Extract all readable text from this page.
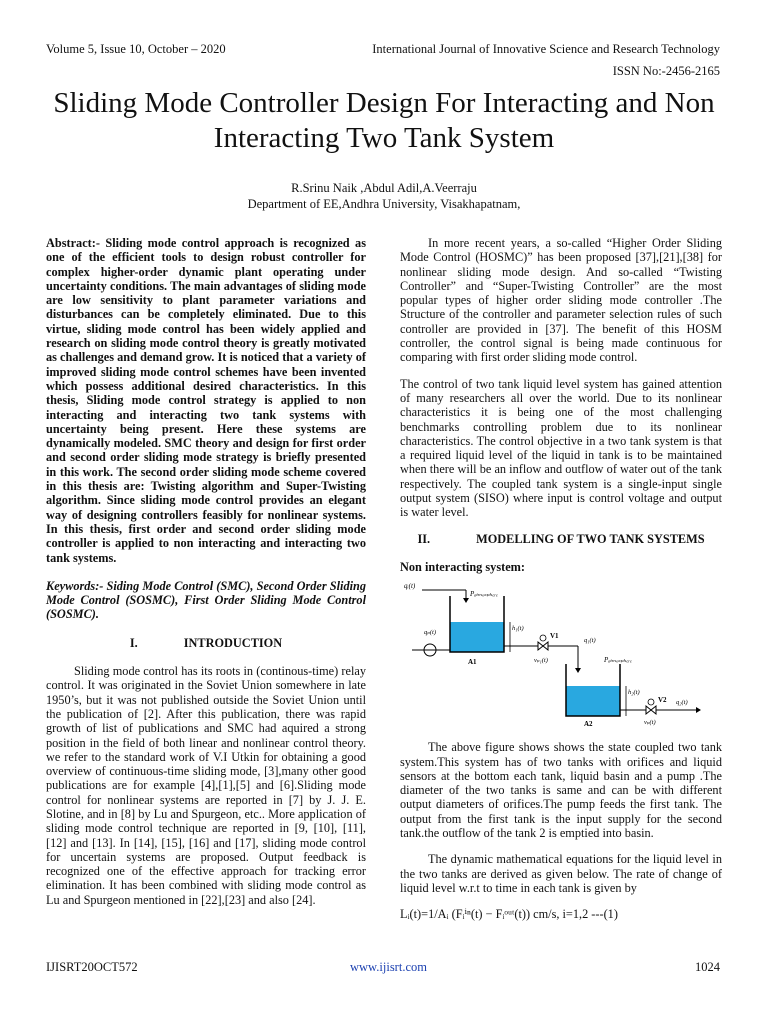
Volume 5, Issue 10, October – 2020	International Journal of Innovative Science and Research Technology
ISSN No:-2456-2165
Sliding Mode Controller Design For Interacting and Non Interacting Two Tank System
R.Srinu Naik ,Abdul Adil,A.Veerraju
Department of EE,Andhra University, Visakhapatnam,

Abstract:- Sliding mode control approach is recognized as one of the efficient tools to design robust controller for complex higher-order dynamic plant operating under uncertainty conditions. The main advantages of sliding mode are low sensitivity to plant parameter variations and disturbances can be completely eliminated. Due to this virtue, sliding mode control has been widely applied and research on sliding mode control theory is greatly motivated as challenges and demand grow. It is noticed that a variety of improved sliding mode control schemes have been invented which possess additional desired characteristics. In this thesis, Sliding mode control strategy is applied to non interacting and interacting two tank systems with uncertainty being present. Here these systems are dynamically modeled. SMC theory and design for first order and second order sliding mode strategy is briefly presented in this work. The second order sliding mode scheme covered in this thesis are: Twisting algorithm and Super-Twisting algorithm. Since sliding mode control provides an elegant way of designing controllers feasibly for nonlinear systems. In this thesis, first order and second order sliding mode controller is applied to non interacting and interacting two tank systems.

Keywords:- Siding Mode Control (SMC), Second Order Sliding Mode Control (SOSMC), First Order Sliding Mode Control (SOSMC).

I.	INTRODUCTION

Sliding mode control has its roots in (continous-time) relay control. It was originated in the Soviet Union somewhere in late 1950’s, but it was not published outside the Soviet Union until the publication of [2]. After this publication, there was rapid growth of list of publications and SMC had aquired a strong position in the field of both linear and nonlinear control theory. we refer to the standard work of V.I Utkin for obtaining a good overview of continuous-time sliding mode, [3],many other good publications are for example [4],[1],[5] and [6].Sliding mode control for nonlinear systems are reported in [7] by J. J. E. Slotine, and in [8] by Lu and Spurgeon, etc.. More application of sliding mode control technique are reported in [9, [10], [11], [12] and [13]. In [14], [15], [16] and [17], sliding mode control for uncertain systems are proposed. Output feedback is recognized one of the effective approach for tracking error elimination. It has been combined with sliding mode control as Lu and Spurgeon mentioned in [22],[23] and also [24].

In more recent years, a so-called “Higher Order Sliding Mode Control (HOSMC)” has been proposed [37],[21],[38] for nonlinear sliding mode design. And so-called “Twisting Controller” and “Super-Twisting Controller” are the most popular types of higher order sliding mode controller .The Structure of the controller and parameter selection rules of such controller are provided in [37]. The benefit of this HOSM controller, the control signal is being made continuous for comparing with first order sliding mode control.

The control of two tank liquid level system has gained attention of many researchers all over the world. Due to its nonlinear characteristics it is being one of the most challenging benchmarks controlling problem due to its nonlinear characteristics. The control objective in a two tank system is that a required liquid level of the liquid in tank is to be maintained when there will be an inflow and outflow of water out of the tank respectively. The coupled tank system is a single-input single output system (SISO) where input is control voltage and output is water level.

II.	MODELLING OF TWO TANK SYSTEMS
Non interacting system:
qᵢ(t)
Pₐₜₘₒₛₚₕₑᵣₑ
h₁(t)
A1
qₚ(t)	V1
vₚ₁(t)
q₁(t)
Pₐₜₘₒₛₚₕₑᵣₑ
h₂(t)
A2
V2 q₂(t)
vₚ(t)

The above figure shows shows the state coupled two tank system.This system has of two tanks with orifices and liquid sensors at the bottom each tank, liquid basin and a pump .The diameter of the two tanks is same and can be with different output diameters of orifices.The pump feeds the first tank. The output from the first tank is the input supply for the second tank.the outflow of the tank 2 is emptied into basin.

The dynamic mathematical equations for the liquid level in the two tanks are derived as given below. The rate of change of liquid level w.r.t to time in each tank is given by

Lᵢ(t)=1/Aᵢ (Fᵢⁱⁿ(t) − Fᵢᵒᵘᵗ(t)) cm/s, i=1,2 ---(1)
IJISRT20OCT572	www.ijisrt.com	1024
